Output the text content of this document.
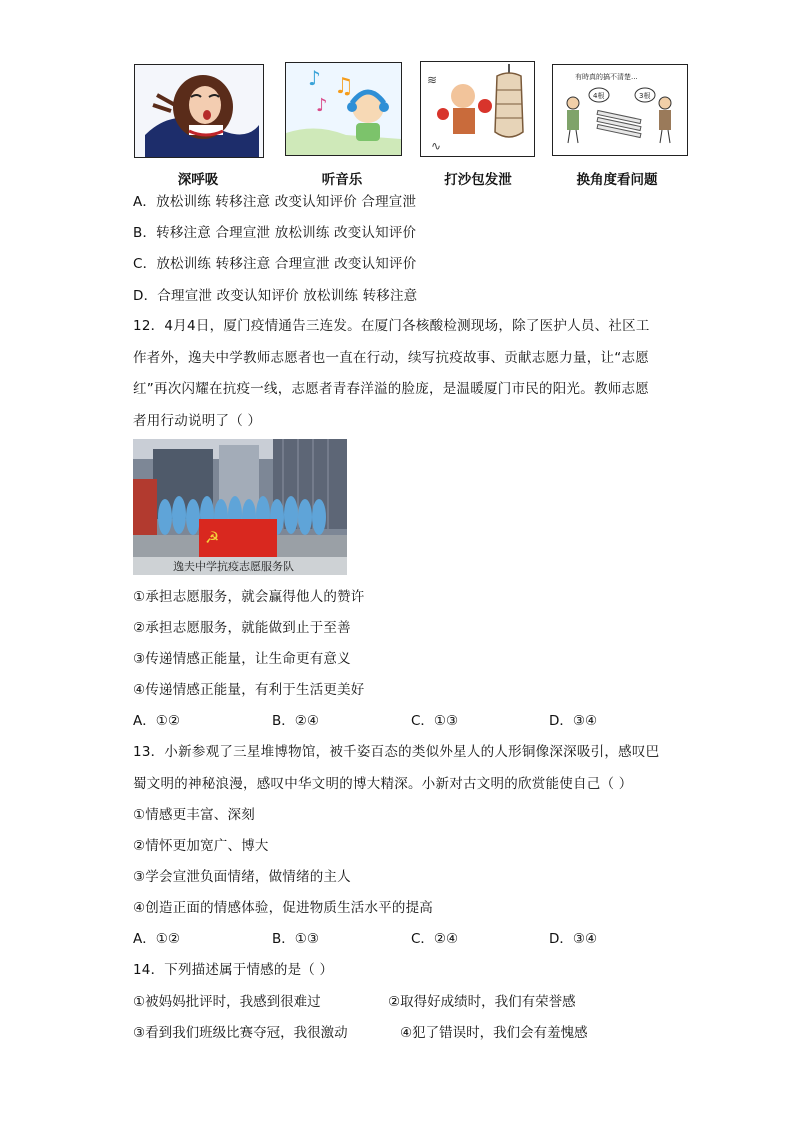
♪ ♫
♪
≋
∿
有時真的搞不清楚...
4根	3根
深呼吸	听音乐	打沙包发泄	换角度看问题
A．放松训练 转移注意 改变认知评价 合理宣泄
B．转移注意 合理宣泄 放松训练 改变认知评价
C．放松训练 转移注意 合理宣泄 改变认知评价
D．合理宣泄 改变认知评价 放松训练 转移注意
12．4月4日，厦门疫情通告三连发。在厦门各核酸检测现场，除了医护人员、社区工作者外，逸夫中学教师志愿者也一直在行动，续写抗疫故事、贡献志愿力量，让“志愿红”再次闪耀在抗疫一线，志愿者青春洋溢的脸庞，是温暖厦门市民的阳光。教师志愿者用行动说明了（ ）
☭
逸夫中学抗疫志愿服务队
①承担志愿服务，就会赢得他人的赞许
②承担志愿服务，就能做到止于至善
③传递情感正能量，让生命更有意义
④传递情感正能量，有利于生活更美好
A．①②	B．②④	C．①③	D．③④
13．小新参观了三星堆博物馆，被千姿百态的类似外星人的人形铜像深深吸引，感叹巴蜀文明的神秘浪漫，感叹中华文明的博大精深。小新对古文明的欣赏能使自己（ ）
①情感更丰富、深刻
②情怀更加宽广、博大
③学会宣泄负面情绪，做情绪的主人
④创造正面的情感体验，促进物质生活水平的提高
A．①②	B．①③	C．②④	D．③④
14．下列描述属于情感的是（ ）
①被妈妈批评时，我感到很难过	②取得好成绩时，我们有荣誉感
③看到我们班级比赛夺冠，我很激动	④犯了错误时，我们会有羞愧感
